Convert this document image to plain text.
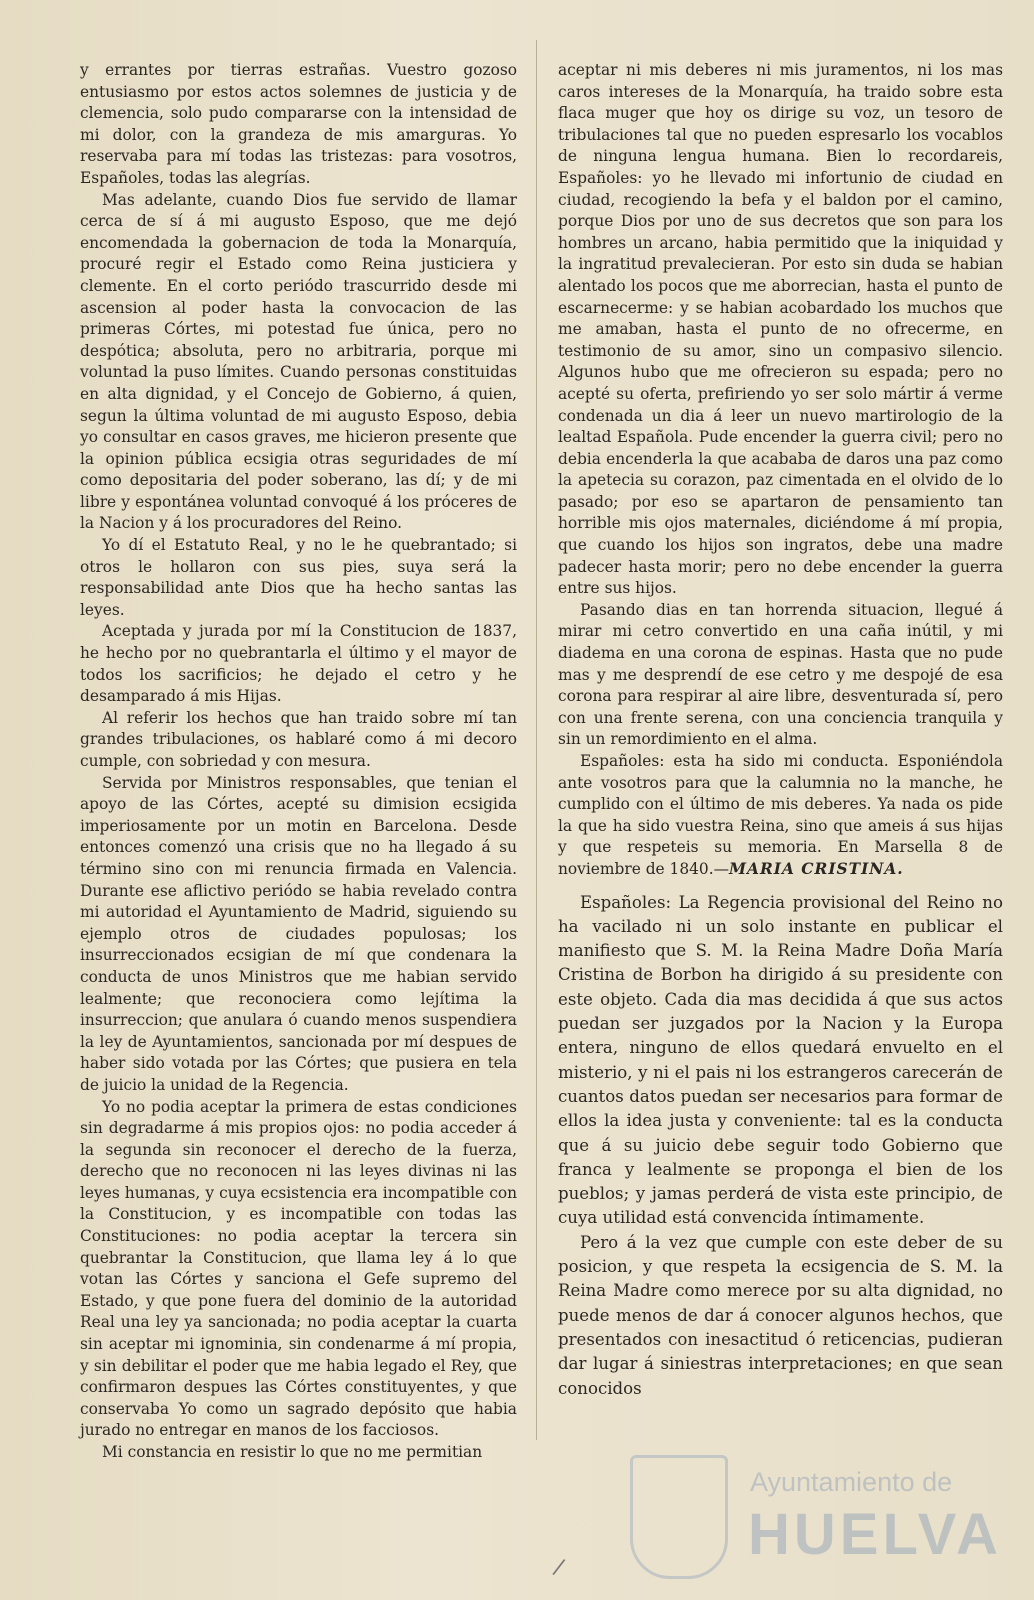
y errantes por tierras estrañas. Vuestro gozoso entusiasmo por estos actos solemnes de justicia y de clemencia, solo pudo compararse con la intensidad de mi dolor, con la grandeza de mis amarguras. Yo reservaba para mí todas las tristezas: para vosotros, Españoles, todas las alegrías.

Mas adelante, cuando Dios fue servido de llamar cerca de sí á mi augusto Esposo, que me dejó encomendada la gobernacion de toda la Monarquía, procuré regir el Estado como Reina justiciera y clemente. En el corto periódo trascurrido desde mi ascension al poder hasta la convocacion de las primeras Córtes, mi potestad fue única, pero no despótica; absoluta, pero no arbitraria, porque mi voluntad la puso límites. Cuando personas constituidas en alta dignidad, y el Concejo de Gobierno, á quien, segun la última voluntad de mi augusto Esposo, debia yo consultar en casos graves, me hicieron presente que la opinion pública ecsigia otras seguridades de mí como depositaria del poder soberano, las dí; y de mi libre y espontánea voluntad convoqué á los próceres de la Nacion y á los procuradores del Reino.

Yo dí el Estatuto Real, y no le he quebrantado; si otros le hollaron con sus pies, suya será la responsabilidad ante Dios que ha hecho santas las leyes.

Aceptada y jurada por mí la Constitucion de 1837, he hecho por no quebrantarla el último y el mayor de todos los sacrificios; he dejado el cetro y he desamparado á mis Hijas.

Al referir los hechos que han traido sobre mí tan grandes tribulaciones, os hablaré como á mi decoro cumple, con sobriedad y con mesura.

Servida por Ministros responsables, que tenian el apoyo de las Córtes, acepté su dimision ecsigida imperiosamente por un motin en Barcelona. Desde entonces comenzó una crisis que no ha llegado á su término sino con mi renuncia firmada en Valencia. Durante ese aflictivo periódo se habia revelado contra mi autoridad el Ayuntamiento de Madrid, siguiendo su ejemplo otros de ciudades populosas; los insurreccionados ecsigian de mí que condenara la conducta de unos Ministros que me habian servido lealmente; que reconociera como lejítima la insurreccion; que anulara ó cuando menos suspendiera la ley de Ayuntamientos, sancionada por mí despues de haber sido votada por las Córtes; que pusiera en tela de juicio la unidad de la Regencia.

Yo no podia aceptar la primera de estas condiciones sin degradarme á mis propios ojos: no podia acceder á la segunda sin reconocer el derecho de la fuerza, derecho que no reconocen ni las leyes divinas ni las leyes humanas, y cuya ecsistencia era incompatible con la Constitucion, y es incompatible con todas las Constituciones: no podia aceptar la tercera sin quebrantar la Constitucion, que llama ley á lo que votan las Córtes y sanciona el Gefe supremo del Estado, y que pone fuera del dominio de la autoridad Real una ley ya sancionada; no podia aceptar la cuarta sin aceptar mi ignominia, sin condenarme á mí propia, y sin debilitar el poder que me habia legado el Rey, que confirmaron despues las Córtes constituyentes, y que conservaba Yo como un sagrado depósito que habia jurado no entregar en manos de los facciosos.

Mi constancia en resistir lo que no me permitian

aceptar ni mis deberes ni mis juramentos, ni los mas caros intereses de la Monarquía, ha traido sobre esta flaca muger que hoy os dirige su voz, un tesoro de tribulaciones tal que no pueden espresarlo los vocablos de ninguna lengua humana. Bien lo recordareis, Españoles: yo he llevado mi infortunio de ciudad en ciudad, recogiendo la befa y el baldon por el camino, porque Dios por uno de sus decretos que son para los hombres un arcano, habia permitido que la iniquidad y la ingratitud prevalecieran. Por esto sin duda se habian alentado los pocos que me aborrecian, hasta el punto de escarnecerme: y se habian acobardado los muchos que me amaban, hasta el punto de no ofrecerme, en testimonio de su amor, sino un compasivo silencio. Algunos hubo que me ofrecieron su espada; pero no acepté su oferta, prefiriendo yo ser solo mártir á verme condenada un dia á leer un nuevo martirologio de la lealtad Española. Pude encender la guerra civil; pero no debia encenderla la que acababa de daros una paz como la apetecia su corazon, paz cimentada en el olvido de lo pasado; por eso se apartaron de pensamiento tan horrible mis ojos maternales, diciéndome á mí propia, que cuando los hijos son ingratos, debe una madre padecer hasta morir; pero no debe encender la guerra entre sus hijos.

Pasando dias en tan horrenda situacion, llegué á mirar mi cetro convertido en una caña inútil, y mi diadema en una corona de espinas. Hasta que no pude mas y me desprendí de ese cetro y me despojé de esa corona para respirar al aire libre, desventurada sí, pero con una frente serena, con una conciencia tranquila y sin un remordimiento en el alma.

Españoles: esta ha sido mi conducta. Esponiéndola ante vosotros para que la calumnia no la manche, he cumplido con el último de mis deberes. Ya nada os pide la que ha sido vuestra Reina, sino que ameis á sus hijas y que respeteis su memoria. En Marsella 8 de noviembre de 1840.—MARIA CRISTINA.

Españoles: La Regencia provisional del Reino no ha vacilado ni un solo instante en publicar el manifiesto que S. M. la Reina Madre Doña María Cristina de Borbon ha dirigido á su presidente con este objeto. Cada dia mas decidida á que sus actos puedan ser juzgados por la Nacion y la Europa entera, ninguno de ellos quedará envuelto en el misterio, y ni el pais ni los estrangeros carecerán de cuantos datos puedan ser necesarios para formar de ellos la idea justa y conveniente: tal es la conducta que á su juicio debe seguir todo Gobierno que franca y lealmente se proponga el bien de los pueblos; y jamas perderá de vista este principio, de cuya utilidad está convencida íntimamente.

Pero á la vez que cumple con este deber de su posicion, y que respeta la ecsigencia de S. M. la Reina Madre como merece por su alta dignidad, no puede menos de dar á conocer algunos hechos, que presentados con inesactitud ó reticencias, pudieran dar lugar á siniestras interpretaciones; en que sean conocidos

Ayuntamiento de
HUELVA
/
